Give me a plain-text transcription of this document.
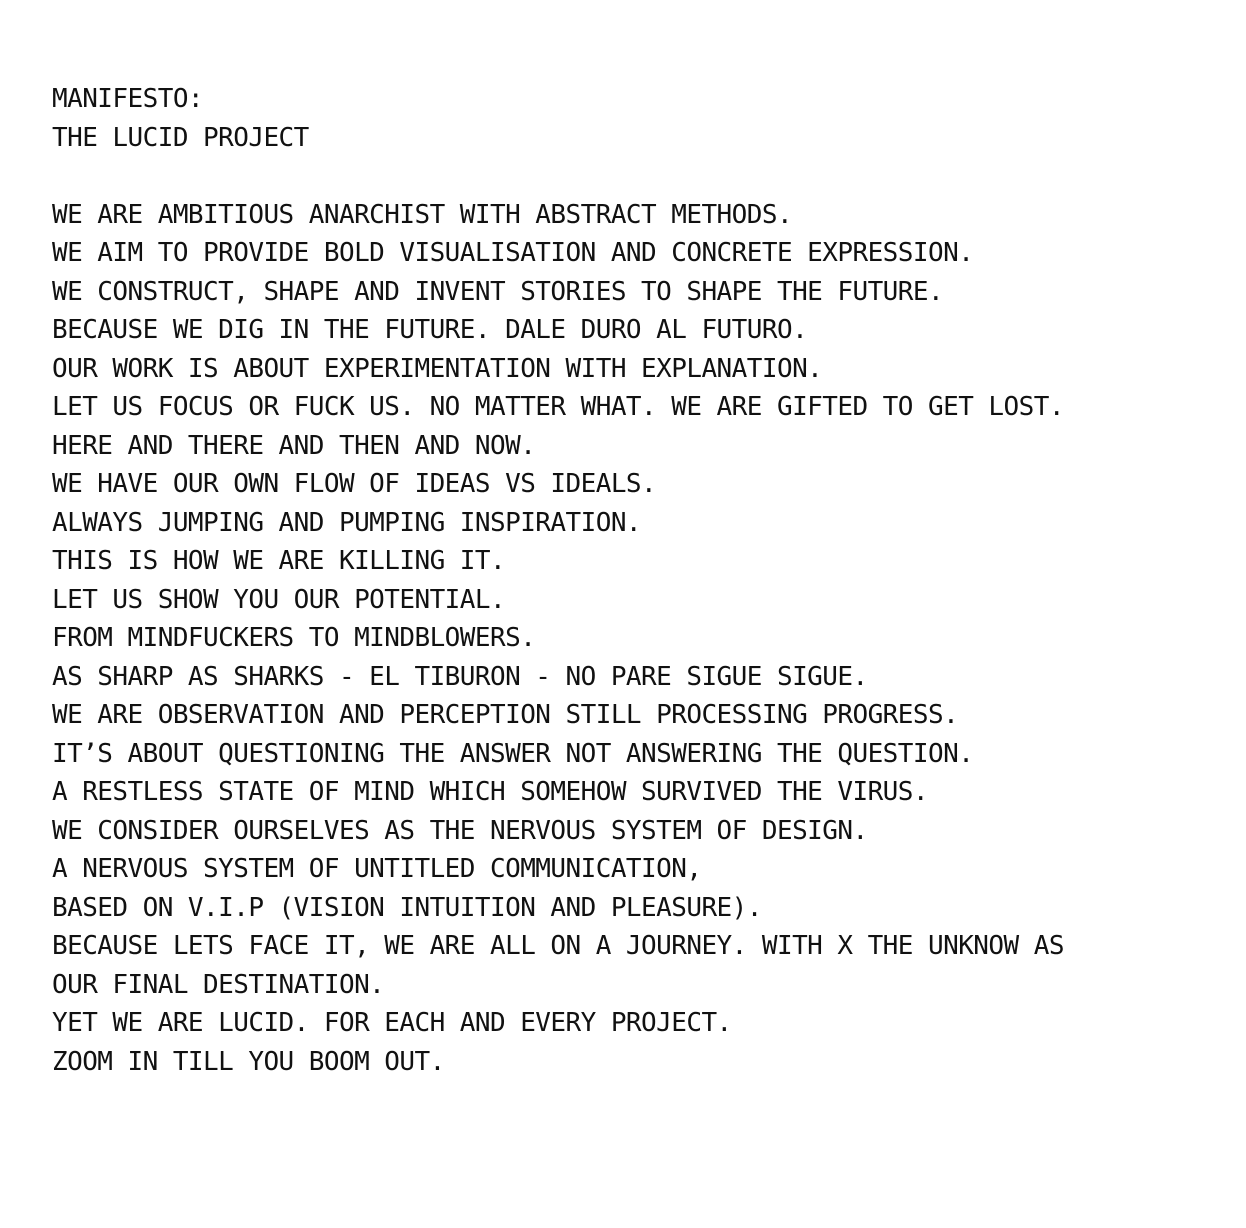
MANIFESTO:
THE LUCID PROJECT
WE ARE AMBITIOUS ANARCHIST WITH ABSTRACT METHODS.
WE AIM TO PROVIDE BOLD VISUALISATION AND CONCRETE EXPRESSION.
WE CONSTRUCT, SHAPE AND INVENT STORIES TO SHAPE THE FUTURE.
BECAUSE WE DIG IN THE FUTURE. DALE DURO AL FUTURO.
OUR WORK IS ABOUT EXPERIMENTATION WITH EXPLANATION.
LET US FOCUS OR FUCK US. NO MATTER WHAT. WE ARE GIFTED TO GET LOST.
HERE AND THERE AND THEN AND NOW.
WE HAVE OUR OWN FLOW OF IDEAS VS IDEALS.
ALWAYS JUMPING AND PUMPING INSPIRATION.
THIS IS HOW WE ARE KILLING IT.
LET US SHOW YOU OUR POTENTIAL.
FROM MINDFUCKERS TO MINDBLOWERS.
AS SHARP AS SHARKS - EL TIBURON - NO PARE SIGUE SIGUE.
WE ARE OBSERVATION AND PERCEPTION STILL PROCESSING PROGRESS.
IT’S ABOUT QUESTIONING THE ANSWER NOT ANSWERING THE QUESTION.
A RESTLESS STATE OF MIND WHICH SOMEHOW SURVIVED THE VIRUS.
WE CONSIDER OURSELVES AS THE NERVOUS SYSTEM OF DESIGN.
A NERVOUS SYSTEM OF UNTITLED COMMUNICATION,
BASED ON V.I.P (VISION INTUITION AND PLEASURE).
BECAUSE LETS FACE IT, WE ARE ALL ON A JOURNEY. WITH X THE UNKNOW AS
OUR FINAL DESTINATION.
YET WE ARE LUCID. FOR EACH AND EVERY PROJECT.
ZOOM IN TILL YOU BOOM OUT.
